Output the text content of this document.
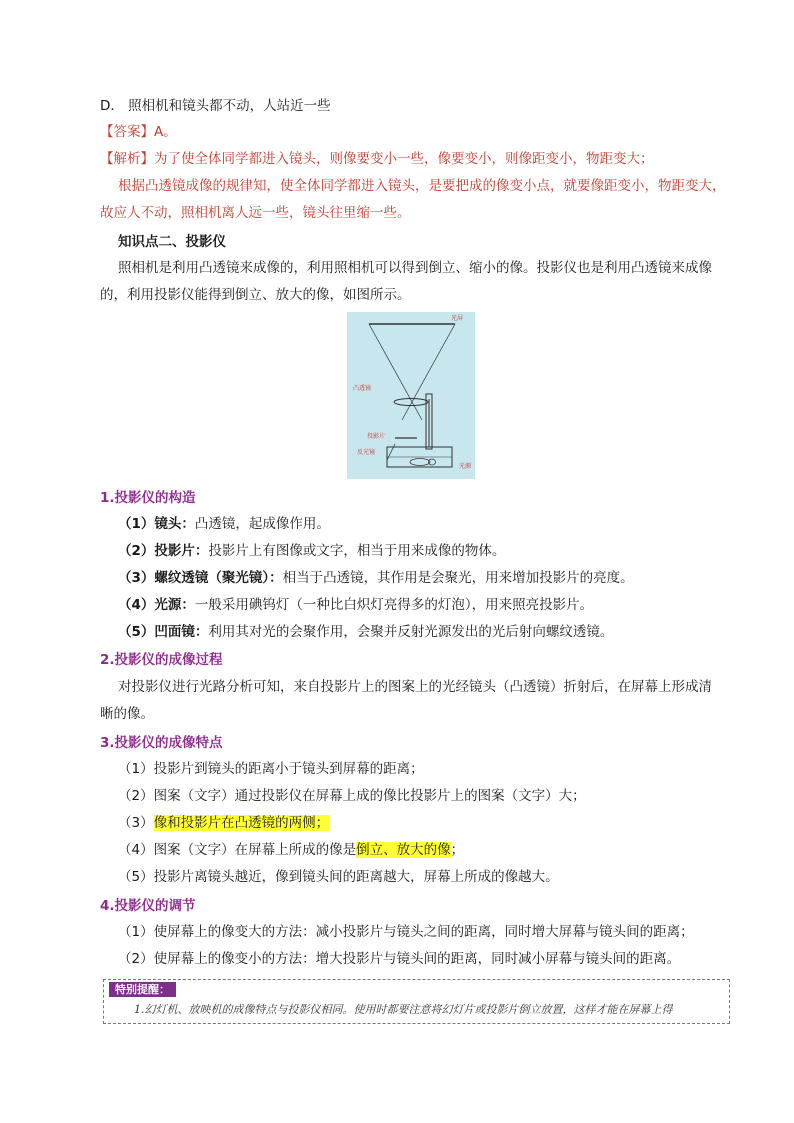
D． 照相机和镜头都不动，人站近一些
【答案】A。
【解析】为了使全体同学都进入镜头，则像要变小一些，像要变小，则像距变小，物距变大；
根据凸透镜成像的规律知，使全体同学都进入镜头，是要把成的像变小点，就要像距变小，物距变大，
故应人不动，照相机离人远一些，镜头往里缩一些。
知识点二、投影仪
照相机是利用凸透镜来成像的，利用照相机可以得到倒立、缩小的像。投影仪也是利用凸透镜来成像
的，利用投影仪能得到倒立、放大的像，如图所示。
光屏
凸透镜
投影片
反光镜
光源
1.投影仪的构造
（1）镜头：凸透镜，起成像作用。
（2）投影片：投影片上有图像或文字，相当于用来成像的物体。
（3）螺纹透镜（聚光镜）：相当于凸透镜，其作用是会聚光，用来增加投影片的亮度。
（4）光源：一般采用碘钨灯（一种比白炽灯亮得多的灯泡），用来照亮投影片。
（5）凹面镜：利用其对光的会聚作用，会聚并反射光源发出的光后射向螺纹透镜。
2.投影仪的成像过程
对投影仪进行光路分析可知，来自投影片上的图案上的光经镜头（凸透镜）折射后，在屏幕上形成清
晰的像。
3.投影仪的成像特点
（1）投影片到镜头的距离小于镜头到屏幕的距离；
（2）图案（文字）通过投影仪在屏幕上成的像比投影片上的图案（文字）大；
（3）像和投影片在凸透镜的两侧；
（4）图案（文字）在屏幕上所成的像是倒立、放大的像；
（5）投影片离镜头越近，像到镜头间的距离越大，屏幕上所成的像越大。
4.投影仪的调节
（1）使屏幕上的像变大的方法：减小投影片与镜头之间的距离，同时增大屏幕与镜头间的距离；
（2）使屏幕上的像变小的方法：增大投影片与镜头间的距离，同时减小屏幕与镜头间的距离。
特别提醒：
1.幻灯机、放映机的成像特点与投影仪相同。使用时都要注意将幻灯片或投影片倒立放置，这样才能在屏幕上得
